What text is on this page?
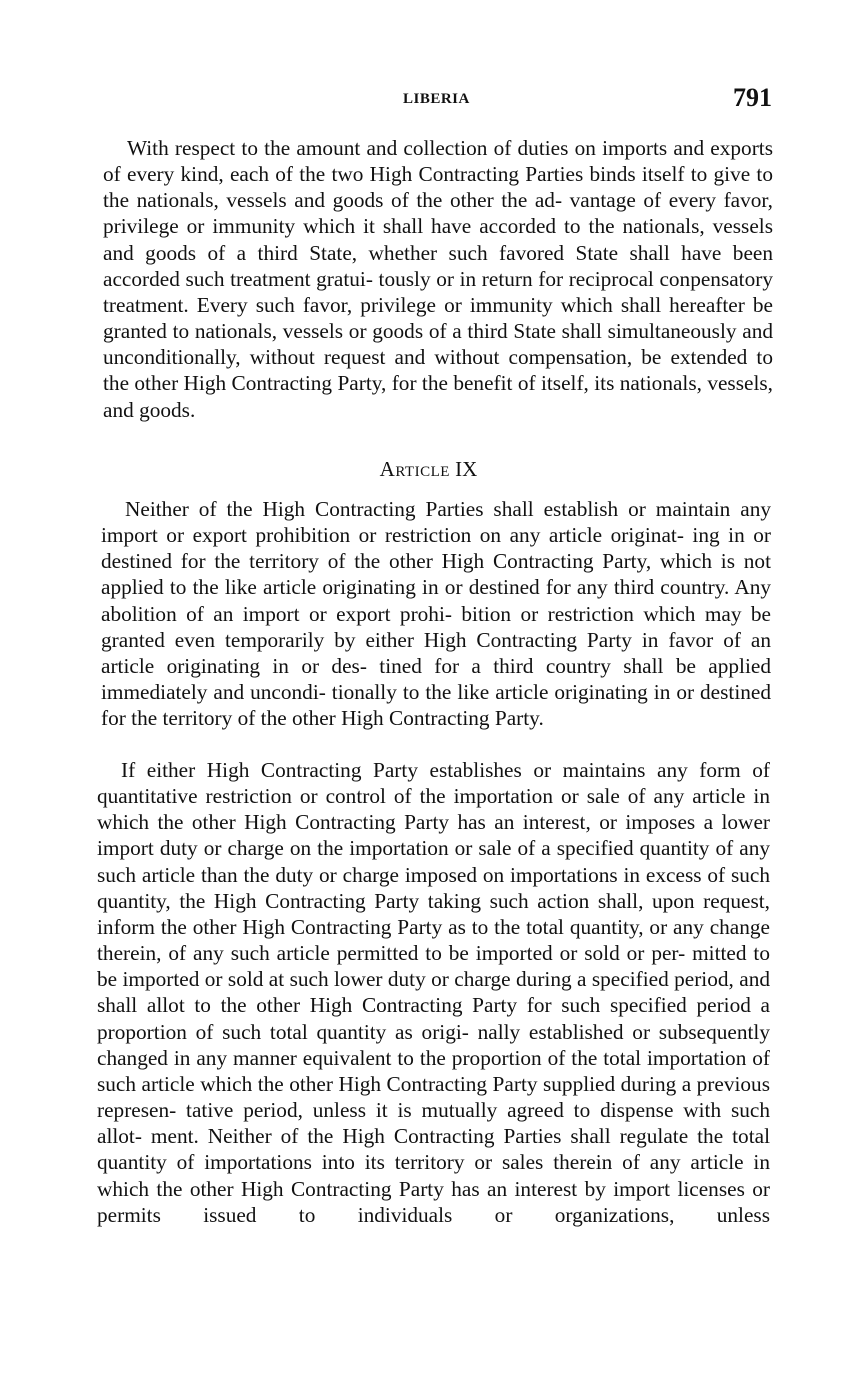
LIBERIA	791

With respect to the amount and collection of duties on imports and exports of every kind, each of the two High Contracting Parties binds itself to give to the nationals, vessels and goods of the other the ad- vantage of every favor, privilege or immunity which it shall have accorded to the nationals, vessels and goods of a third State, whether such favored State shall have been accorded such treatment gratui- tously or in return for reciprocal conpensatory treatment. Every such favor, privilege or immunity which shall hereafter be granted to nationals, vessels or goods of a third State shall simultaneously and unconditionally, without request and without compensation, be extended to the other High Contracting Party, for the benefit of itself, its nationals, vessels, and goods.

Article IX

Neither of the High Contracting Parties shall establish or maintain any import or export prohibition or restriction on any article originat- ing in or destined for the territory of the other High Contracting Party, which is not applied to the like article originating in or destined for any third country. Any abolition of an import or export prohi- bition or restriction which may be granted even temporarily by either High Contracting Party in favor of an article originating in or des- tined for a third country shall be applied immediately and uncondi- tionally to the like article originating in or destined for the territory of the other High Contracting Party.

If either High Contracting Party establishes or maintains any form of quantitative restriction or control of the importation or sale of any article in which the other High Contracting Party has an interest, or imposes a lower import duty or charge on the importation or sale of a specified quantity of any such article than the duty or charge imposed on importations in excess of such quantity, the High Contracting Party taking such action shall, upon request, inform the other High Contracting Party as to the total quantity, or any change therein, of any such article permitted to be imported or sold or per- mitted to be imported or sold at such lower duty or charge during a specified period, and shall allot to the other High Contracting Party for such specified period a proportion of such total quantity as origi- nally established or subsequently changed in any manner equivalent to the proportion of the total importation of such article which the other High Contracting Party supplied during a previous represen- tative period, unless it is mutually agreed to dispense with such allot- ment. Neither of the High Contracting Parties shall regulate the total quantity of importations into its territory or sales therein of any article in which the other High Contracting Party has an interest by import licenses or permits issued to individuals or organizations, unless
